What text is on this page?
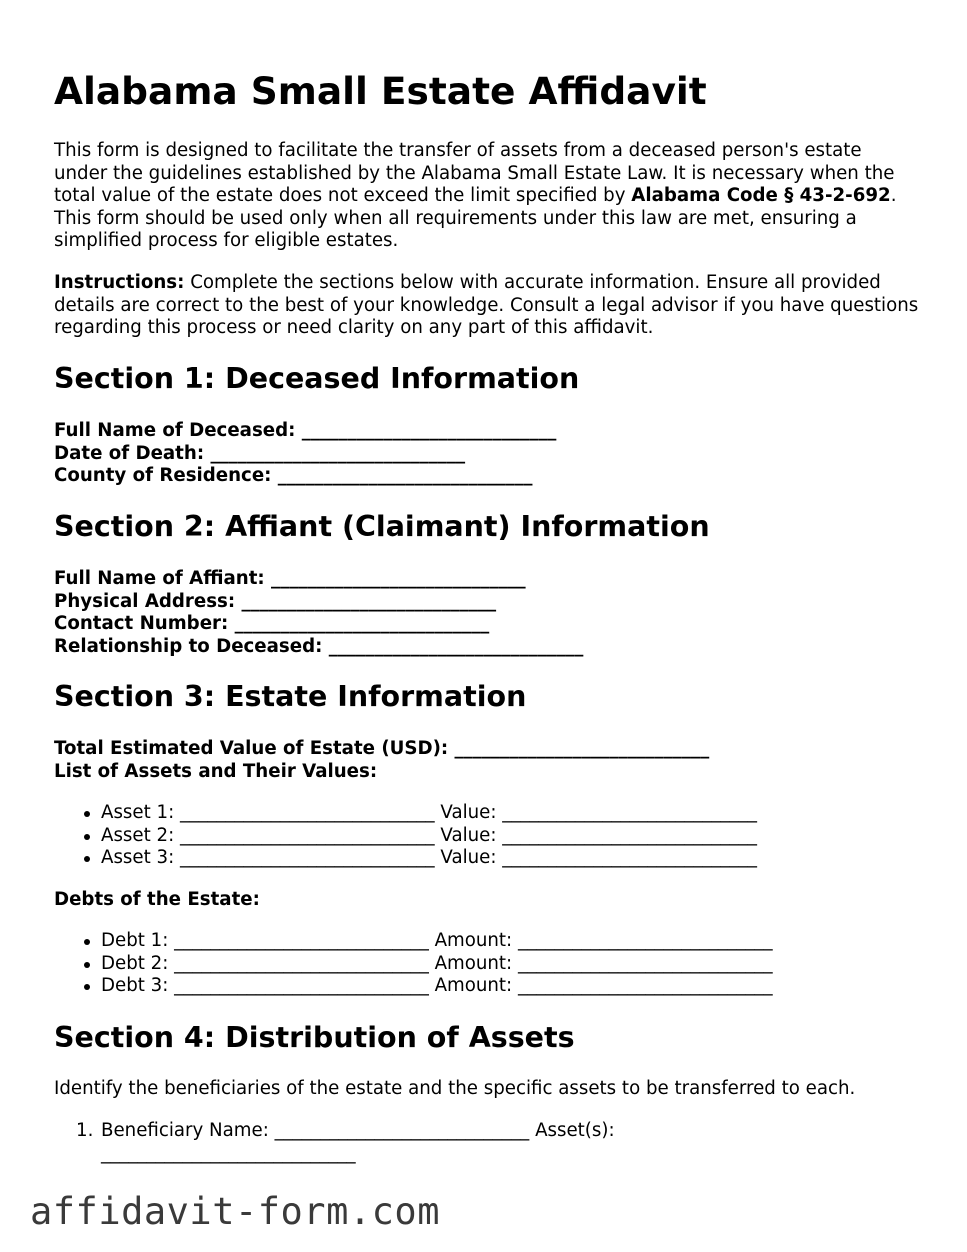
Alabama Small Estate Affidavit

This form is designed to facilitate the transfer of assets from a deceased person's estate under the guidelines established by the Alabama Small Estate Law. It is necessary when the total value of the estate does not exceed the limit specified by Alabama Code § 43-2-692. This form should be used only when all requirements under this law are met, ensuring a simplified process for eligible estates.

Instructions: Complete the sections below with accurate information. Ensure all provided details are correct to the best of your knowledge. Consult a legal advisor if you have questions regarding this process or need clarity on any part of this affidavit.

Section 1: Deceased Information
Full Name of Deceased: ____________________________
Date of Death: ____________________________
County of Residence: ____________________________
Section 2: Affiant (Claimant) Information
Full Name of Affiant: ____________________________
Physical Address: ____________________________
Contact Number: ____________________________
Relationship to Deceased: ____________________________
Section 3: Estate Information
Total Estimated Value of Estate (USD): ____________________________
List of Assets and Their Values:
Asset 1: ____________________________ Value: ____________________________
Asset 2: ____________________________ Value: ____________________________
Asset 3: ____________________________ Value: ____________________________
Debts of the Estate:
Debt 1: ____________________________ Amount: ____________________________
Debt 2: ____________________________ Amount: ____________________________
Debt 3: ____________________________ Amount: ____________________________
Section 4: Distribution of Assets

Identify the beneficiaries of the estate and the specific assets to be transferred to each.

1. Beneficiary Name: ____________________________ Asset(s): ____________________________
affidavit-form.com
